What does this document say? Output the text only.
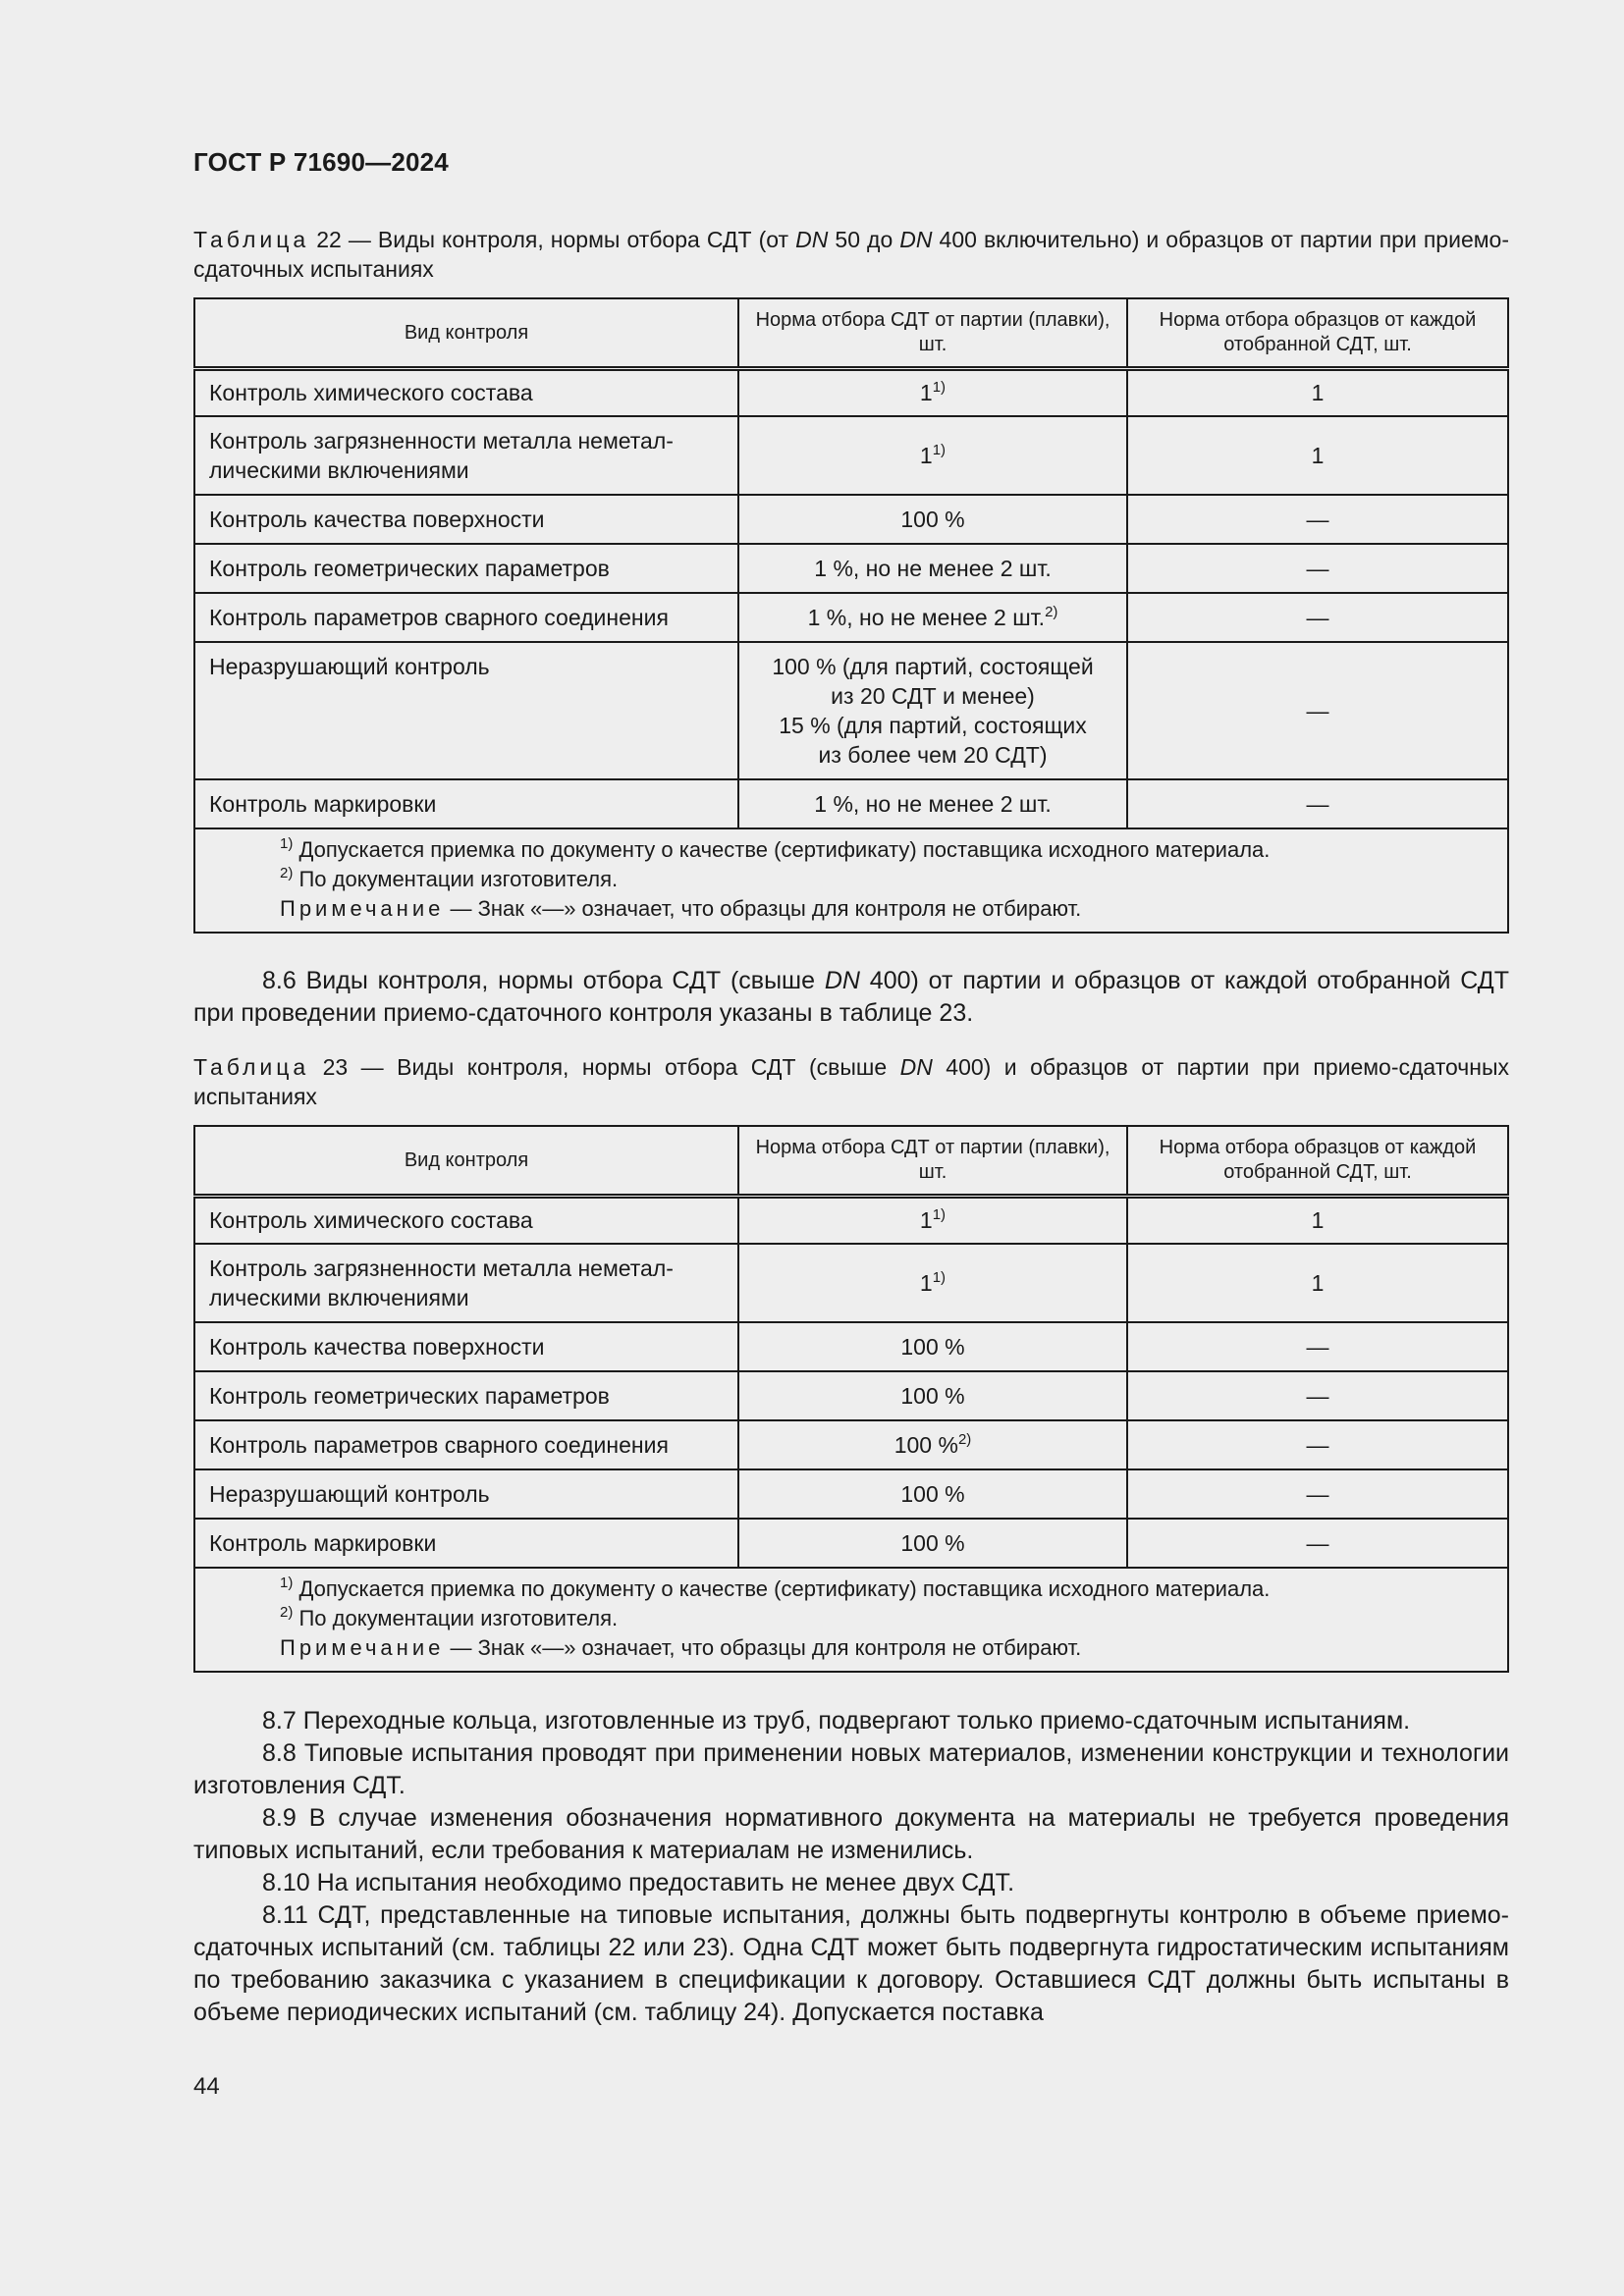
ГОСТ Р 71690—2024
Таблица 22 — Виды контроля, нормы отбора СДТ (от DN 50 до DN 400 включительно) и образцов от партии при приемо-сдаточных испытаниях
Вид контроля	Норма отбора СДТ от партии (плавки), шт.	Норма отбора образцов от каждой отобранной СДТ, шт.
Контроль химического состава	1$^{1)}$	1
Контроль загрязненности металла неметал-
лическими включениями	1$^{1)}$	1
Контроль качества поверхности	100 %	—
Контроль геометрических параметров	1 %, но не менее 2 шт.	—
Контроль параметров сварного соединения	1 %, но не менее 2 шт.$^{2)}$	—
Неразрушающий контроль	100 % (для партий, состоящей
из 20 СДТ и менее)
15 % (для партий, состоящих
из более чем 20 СДТ)	—
Контроль маркировки	1 %, но не менее 2 шт.	—

$^{1)}$ Допускается приемка по документу о качестве (сертификату) поставщика исходного материала.
$^{2)}$ По документации изготовителя.
Примечание — Знак «—» означает, что образцы для контроля не отбирают.		

8.6 Виды контроля, нормы отбора СДТ (свыше DN 400) от партии и образцов от каждой отобранной СДТ при проведении приемо-сдаточного контроля указаны в таблице 23.

Таблица 23 — Виды контроля, нормы отбора СДТ (свыше DN 400) и образцов от партии при приемо-сдаточных испытаниях
Вид контроля	Норма отбора СДТ от партии (плавки), шт.	Норма отбора образцов от каждой отобранной СДТ, шт.
Контроль химического состава	1$^{1)}$	1
Контроль загрязненности металла неметал-
лическими включениями	1$^{1)}$	1
Контроль качества поверхности	100 %	—
Контроль геометрических параметров	100 %	—
Контроль параметров сварного соединения	100 %$^{2)}$	—
Неразрушающий контроль	100 %	—
Контроль маркировки	100 %	—

$^{1)}$ Допускается приемка по документу о качестве (сертификату) поставщика исходного материала.
$^{2)}$ По документации изготовителя.
Примечание — Знак «—» означает, что образцы для контроля не отбирают.		

8.7 Переходные кольца, изготовленные из труб, подвергают только приемо-сдаточным испытаниям.

8.8 Типовые испытания проводят при применении новых материалов, изменении конструкции и технологии изготовления СДТ.

8.9 В случае изменения обозначения нормативного документа на материалы не требуется проведения типовых испытаний, если требования к материалам не изменились.

8.10 На испытания необходимо предоставить не менее двух СДТ.

8.11 СДТ, представленные на типовые испытания, должны быть подвергнуты контролю в объеме приемо-сдаточных испытаний (см. таблицы 22 или 23). Одна СДТ может быть подвергнута гидростатическим испытаниям по требованию заказчика с указанием в спецификации к договору. Оставшиеся СДТ должны быть испытаны в объеме периодических испытаний (см. таблицу 24). Допускается поставка

44
